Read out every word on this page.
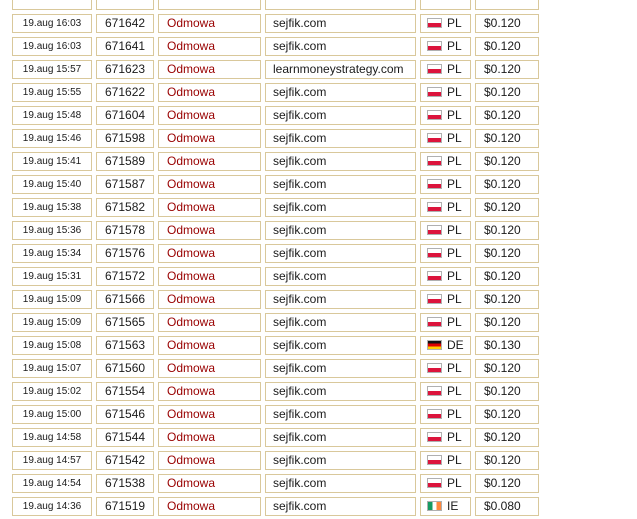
19.aug 16:03	671642	Odmowa	sejfik.com	PL	$0.120
19.aug 16:03	671641	Odmowa	sejfik.com	PL	$0.120
19.aug 15:57	671623	Odmowa	learnmoneystrategy.com	PL	$0.120
19.aug 15:55	671622	Odmowa	sejfik.com	PL	$0.120
19.aug 15:48	671604	Odmowa	sejfik.com	PL	$0.120
19.aug 15:46	671598	Odmowa	sejfik.com	PL	$0.120
19.aug 15:41	671589	Odmowa	sejfik.com	PL	$0.120
19.aug 15:40	671587	Odmowa	sejfik.com	PL	$0.120
19.aug 15:38	671582	Odmowa	sejfik.com	PL	$0.120
19.aug 15:36	671578	Odmowa	sejfik.com	PL	$0.120
19.aug 15:34	671576	Odmowa	sejfik.com	PL	$0.120
19.aug 15:31	671572	Odmowa	sejfik.com	PL	$0.120
19.aug 15:09	671566	Odmowa	sejfik.com	PL	$0.120
19.aug 15:09	671565	Odmowa	sejfik.com	PL	$0.120
19.aug 15:08	671563	Odmowa	sejfik.com	DE	$0.130
19.aug 15:07	671560	Odmowa	sejfik.com	PL	$0.120
19.aug 15:02	671554	Odmowa	sejfik.com	PL	$0.120
19.aug 15:00	671546	Odmowa	sejfik.com	PL	$0.120
19.aug 14:58	671544	Odmowa	sejfik.com	PL	$0.120
19.aug 14:57	671542	Odmowa	sejfik.com	PL	$0.120
19.aug 14:54	671538	Odmowa	sejfik.com	PL	$0.120
19.aug 14:36	671519	Odmowa	sejfik.com	IE	$0.080
